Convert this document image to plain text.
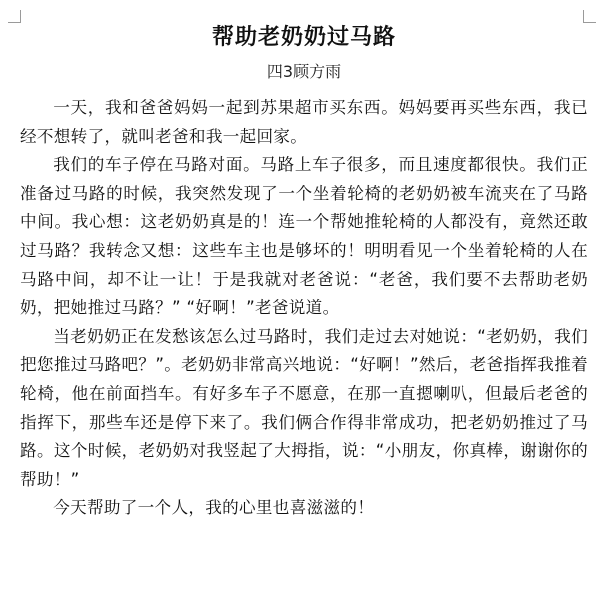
帮助老奶奶过马路

四3顾方雨

一天，我和爸爸妈妈一起到苏果超市买东西。妈妈要再买些东西，我已经不想转了，就叫老爸和我一起回家。

我们的车子停在马路对面。马路上车子很多，而且速度都很快。我们正准备过马路的时候，我突然发现了一个坐着轮椅的老奶奶被车流夹在了马路中间。我心想：这老奶奶真是的！连一个帮她推轮椅的人都没有，竟然还敢过马路？我转念又想：这些车主也是够坏的！明明看见一个坐着轮椅的人在马路中间，却不让一让！于是我就对老爸说：“老爸，我们要不去帮助老奶奶，把她推过马路？” “好啊！”老爸说道。

当老奶奶正在发愁该怎么过马路时，我们走过去对她说：“老奶奶，我们把您推过马路吧？”。老奶奶非常高兴地说：“好啊！”然后，老爸指挥我推着轮椅，他在前面挡车。有好多车子不愿意，在那一直摁喇叭，但最后老爸的指挥下，那些车还是停下来了。我们俩合作得非常成功，把老奶奶推过了马路。这个时候，老奶奶对我竖起了大拇指，说：“小朋友，你真棒，谢谢你的帮助！”

今天帮助了一个人，我的心里也喜滋滋的！
